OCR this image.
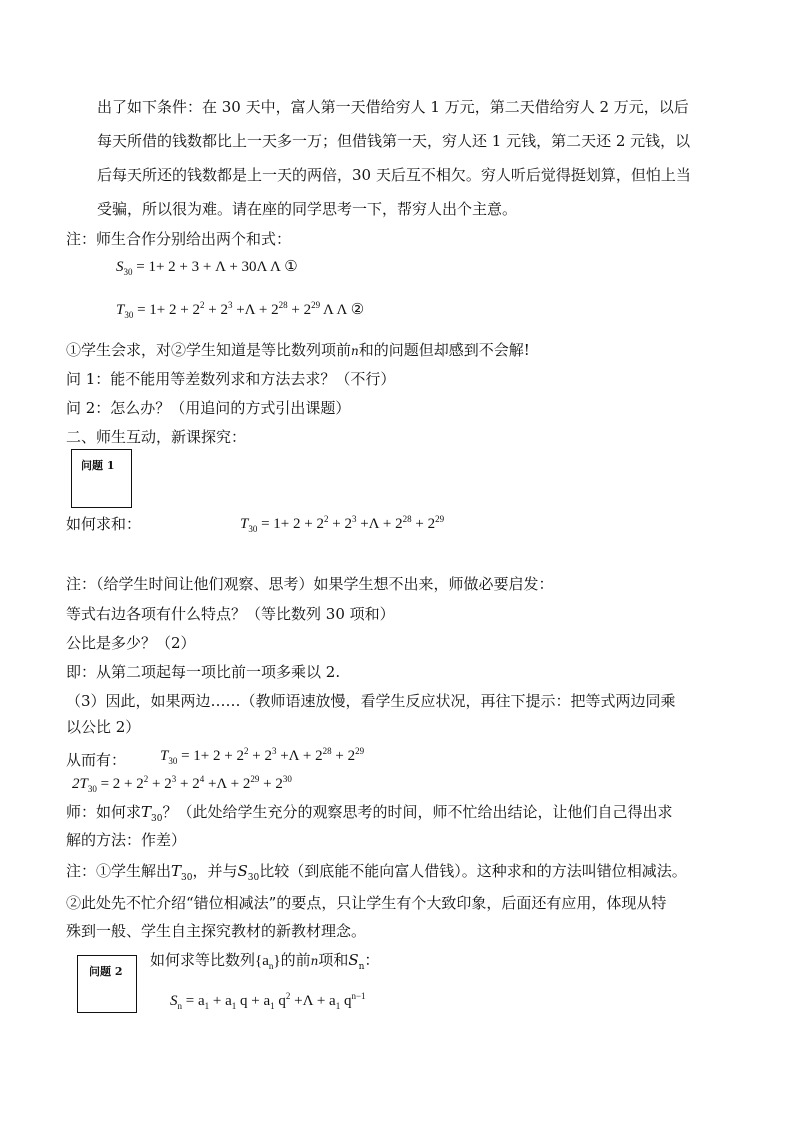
出了如下条件：在 30 天中，富人第一天借给穷人 1 万元，第二天借给穷人 2 万元，以后
每天所借的钱数都比上一天多一万；但借钱第一天，穷人还 1 元钱，第二天还 2 元钱，以
后每天所还的钱数都是上一天的两倍，30 天后互不相欠。穷人听后觉得挺划算，但怕上当
受骗，所以很为难。请在座的同学思考一下，帮穷人出个主意。
注：师生合作分别给出两个和式：
$S_{30} = 1+ 2 + 3 + \Lambda + 30\Lambda$ Λ ①
$T_{30} = 1+ 2 + 2^2 + 2^3 +\Lambda + 2^{28} + 2^{29}$ Λ Λ ②
①学生会求，对②学生知道是等比数列项前n和的问题但却感到不会解!
问 1：能不能用等差数列求和方法去求？（不行）
问 2：怎么办？（用追问的方式引出课题）
二、师生互动，新课探究：
问题 1
如何求和：	$T_{30} = 1+ 2 + 2^2 + 2^3 +\Lambda + 2^{28} + 2^{29}$
注：（给学生时间让他们观察、思考）如果学生想不出来，师做必要启发：
等式右边各项有什么特点？（等比数列 30 项和）
公比是多少？（2）
即：从第二项起每一项比前一项多乘以 2.
（3）因此，如果两边……（教师语速放慢，看学生反应状况，再往下提示：把等式两边同乘
以公比 2）
从而有： $T_{30} = 1+ 2 + 2^2 + 2^3 +\Lambda + 2^{28} + 2^{29}$
$2T_{30} = 2 + 2^2 + 2^3 + 2^4 +\Lambda + 2^{29} + 2^{30}$
师：如何求$T_{30}$？（此处给学生充分的观察思考的时间，师不忙给出结论，让他们自己得出求
解的方法：作差）
注：①学生解出$T_{30}$，并与$S_{30}$比较（到底能不能向富人借钱）。这种求和的方法叫错位相减法。
②此处先不忙介绍“错位相减法”的要点，只让学生有个大致印象，后面还有应用，体现从特
殊到一般、学生自主探究教材的新教材理念。
问题 2
如何求等比数列$\{a_n\}$的前n项和$S_n$：
$S_n = a_1 + a_1$ $q + a_1$ $q^2 +\Lambda + a_1$ $q^{n-1}$
